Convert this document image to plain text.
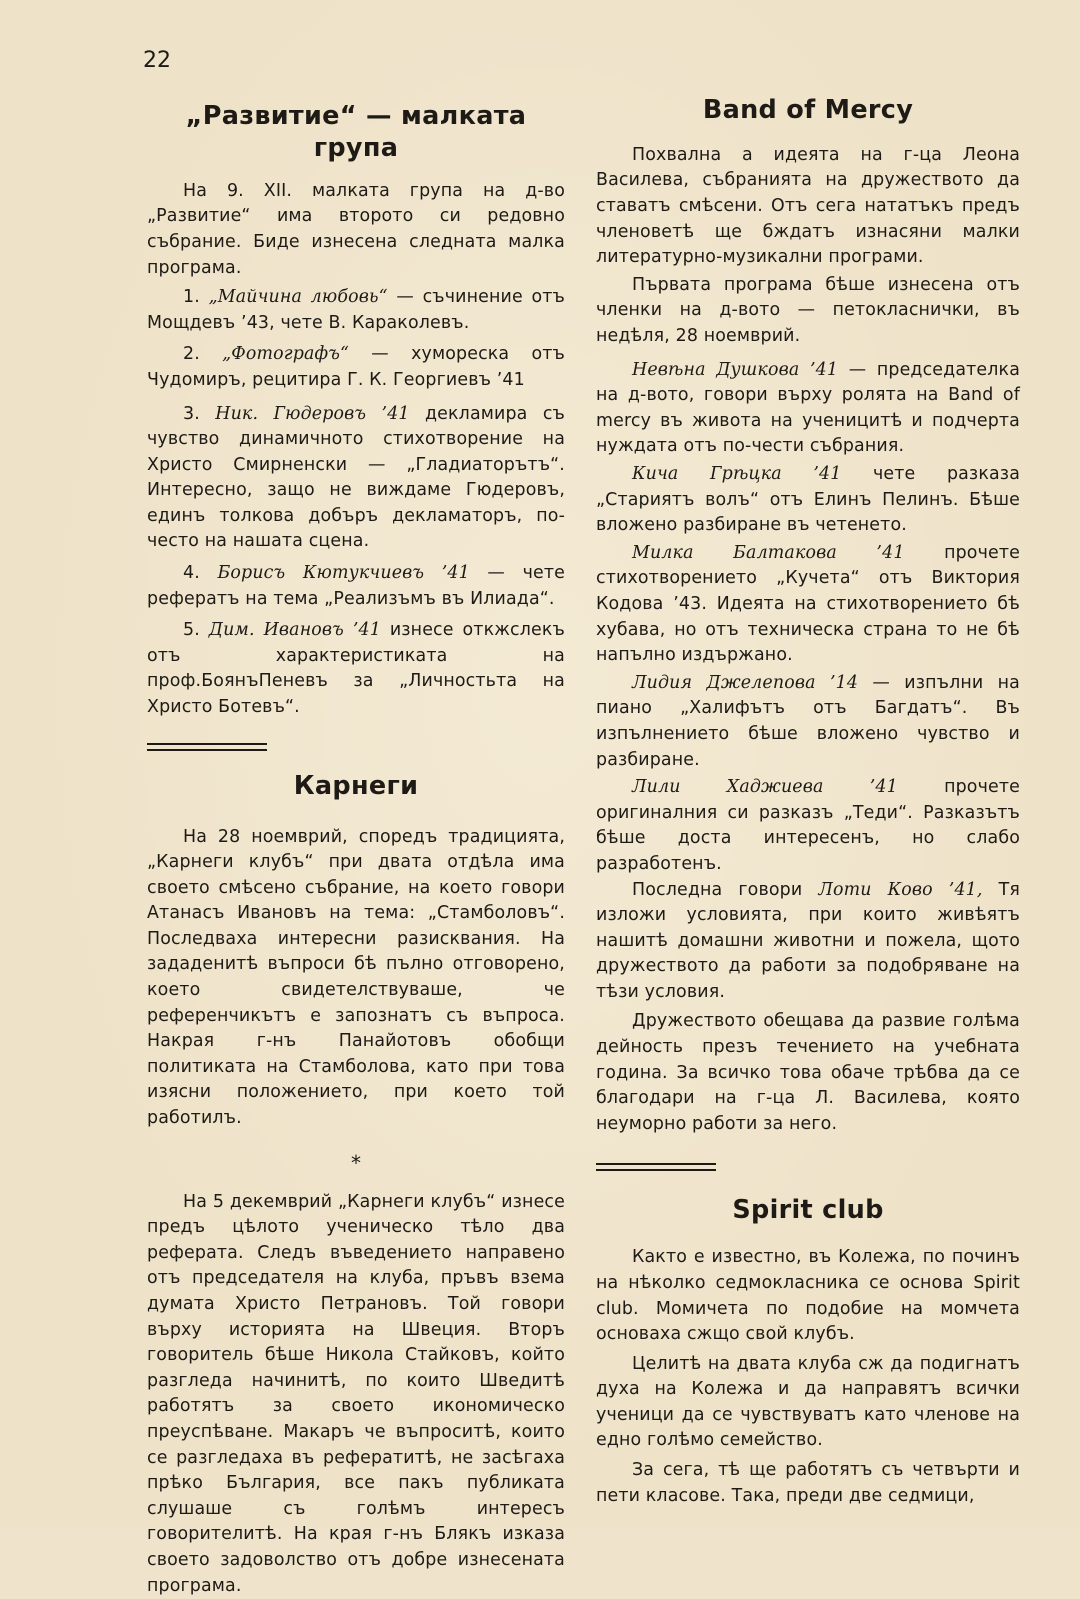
22
„Развитие“ — малката група

На 9. XII. малката група на д-во „Развитие“ има второто си редовно събрание. Биде изнесена следната малка програма.

1. „Майчина любовь“ — съчинение отъ Мощдевъ ’43, чете В. Караколевъ.

2. „Фотографъ“ — хумореска отъ Чудомиръ, рецитира Г. К. Георгиевъ ’41

3. Ник. Гюдеровъ ’41 декламира съ чувство динамичното стихотворение на Христо Смирненски — „Гладиаторътъ“. Интересно, защо не виждаме Гюдеровъ, единъ толкова добъръ декламаторъ, по-често на нашата сцена.

4. Борисъ Кютукчиевъ ’41 — чете рефератъ на тема „Реализъмъ въ Илиада“.

5. Дим. Ивановъ ’41 изнесе откжслекъ отъ характеристиката на проф.БоянъПеневъ за „Личностьта на Христо Ботевъ“.

Карнеги

На 28 ноемврий, споредъ традицията, „Карнеги клубъ“ при двата отдѣла има своето смѣсено събрание, на което говори Атанасъ Ивановъ на тема: „Стамболовъ“. Последваха интересни разисквания. На зададенитѣ въпроси бѣ пълно отговорено, което свидетелствуваше, че референчикътъ е запознатъ съ въпроса. Накрая г-нъ Панайотовъ обобщи политиката на Стамболова, като при това изясни положението, при което той работилъ.

*

На 5 декемврий „Карнеги клубъ“ изнесе предъ цѣлото ученическо тѣло два реферата. Следъ въведението направено отъ председателя на клуба, пръвъ взема думата Христо Петрановъ. Той говори върху историята на Швеция. Вторъ говоритель бѣше Никола Стайковъ, който разгледа начинитѣ, по които Шведитѣ работятъ за своето икономическо преуспѣване. Макаръ че въпроситѣ, които се разгледаха въ рефератитѣ, не засѣгаха прѣко България, все пакъ публиката слушаше съ голѣмъ интересъ говорителитѣ. На края г-нъ Блякъ изказа своето задоволство отъ добре изнесената програма.

Band of Mercy

Похвална а идеята на г-ца Леона Василева, събранията на дружеството да ставатъ смѣсени. Отъ сега нататъкъ предъ членоветѣ ще бждатъ изнасяни малки литературно-музикални програми.

Първата програма бѣше изнесена отъ членки на д-вото — петокласнички, въ недѣля, 28 ноемврий.

Невѣна Душкова ’41 — председателка на д-вото, говори върху ролята на Band of mercy въ живота на ученицитѣ и подчерта нуждата отъ по-чести събрания.

Кича Грѣцка ’41 чете разказа „Стариятъ волъ“ отъ Елинъ Пелинъ. Бѣше вложено разбиране въ четенето.

Милка Балтакова ’41 прочете стихотворението „Кучета“ отъ Виктория Кодова ’43. Идеята на стихотворението бѣ хубава, но отъ техническа страна то не бѣ напълно издържано.

Лидия Джелепова ’14 — изпълни на пиано „Халифътъ отъ Багдатъ“. Въ изпълнението бѣше вложено чувство и разбиране.

Лили Хаджиева ’41 прочете оригиналния си разказъ „Теди“. Разказътъ бѣше доста интересенъ, но слабо разработенъ.

Последна говори Лоти Ково ’41, Тя изложи условията, при които живѣятъ нашитѣ домашни животни и пожела, щото дружеството да работи за подобряване на тѣзи условия.

Дружеството обещава да развие голѣма дейность презъ течението на учебната година. За всичко това обаче трѣбва да се благодари на г-ца Л. Василева, която неуморно работи за него.

Spirit club

Както е известно, въ Колежа, по починъ на нѣколко седмокласника се основа Spirit club. Момичета по подобие на момчета основаха сжщо свой клубъ.

Целитѣ на двата клуба сж да подигнатъ духа на Колежа и да направятъ всички ученици да се чувствуватъ като членове на едно голѣмо семейство.

За сега, тѣ ще работятъ съ четвърти и пети класове. Така, преди две седмици,
